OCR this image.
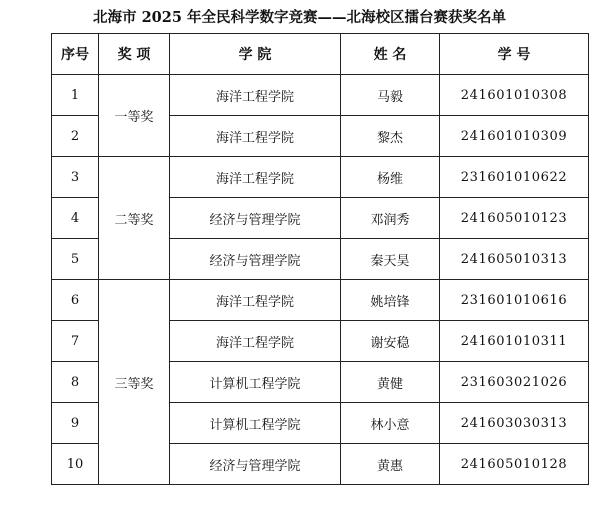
北海市 2025 年全民科学数字竞赛——北海校区擂台赛获奖名单
序号	奖 项	学 院	姓 名	学 号
1	一等奖	海洋工程学院	马毅	241601010308
2		海洋工程学院	黎杰	241601010309
3	二等奖	海洋工程学院	杨维	231601010622
4		经济与管理学院	邓润秀	241605010123
5		经济与管理学院	秦天昊	241605010313
6	三等奖	海洋工程学院	姚培锋	231601010616
7		海洋工程学院	谢安稳	241601010311
8		计算机工程学院	黄健	231603021026
9		计算机工程学院	林小意	241603030313
10		经济与管理学院	黄惠	241605010128
